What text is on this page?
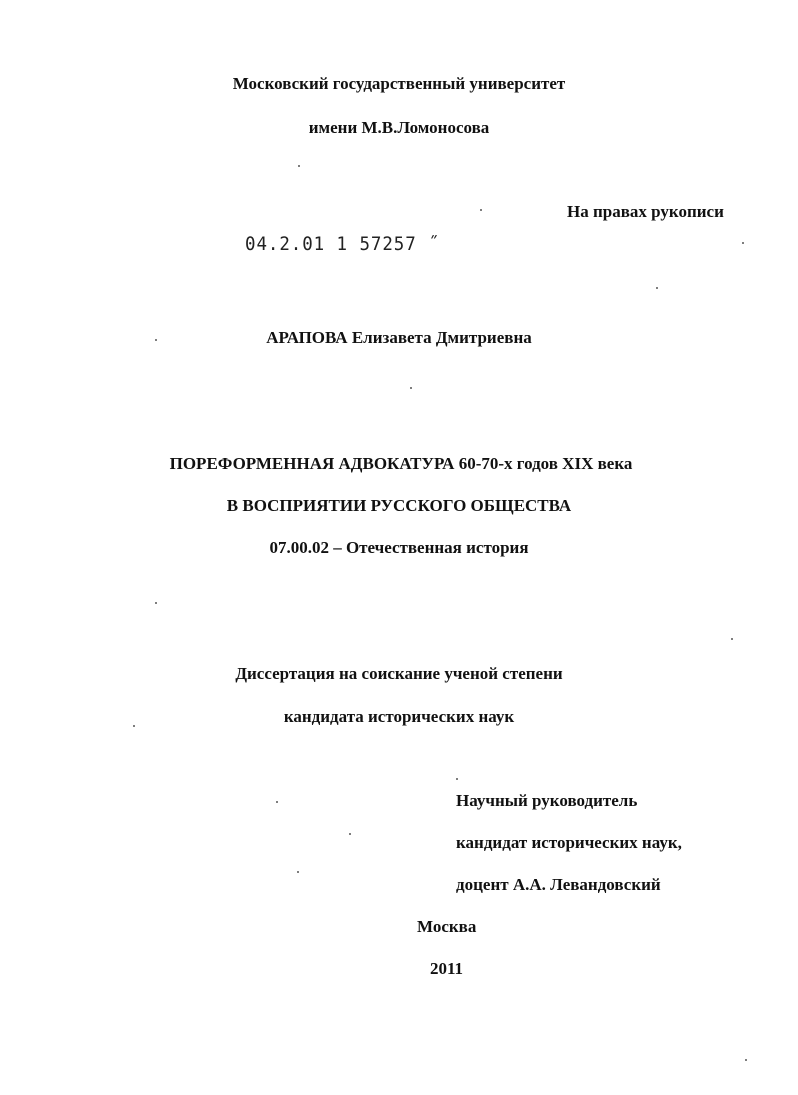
Московский государственный университет
имени М.В.Ломоносова
На правах рукописи
04.2.01 1 57257 ˝
АРАПОВА Елизавета Дмитриевна
ПОРЕФОРМЕННАЯ АДВОКАТУРА 60-70-х годов XIX века
В ВОСПРИЯТИИ РУССКОГО ОБЩЕСТВА
07.00.02 – Отечественная история
Диссертация на соискание ученой степени
кандидата исторических наук
Научный руководитель
кандидат исторических наук,
доцент А.А. Левандовский
Москва
2011
